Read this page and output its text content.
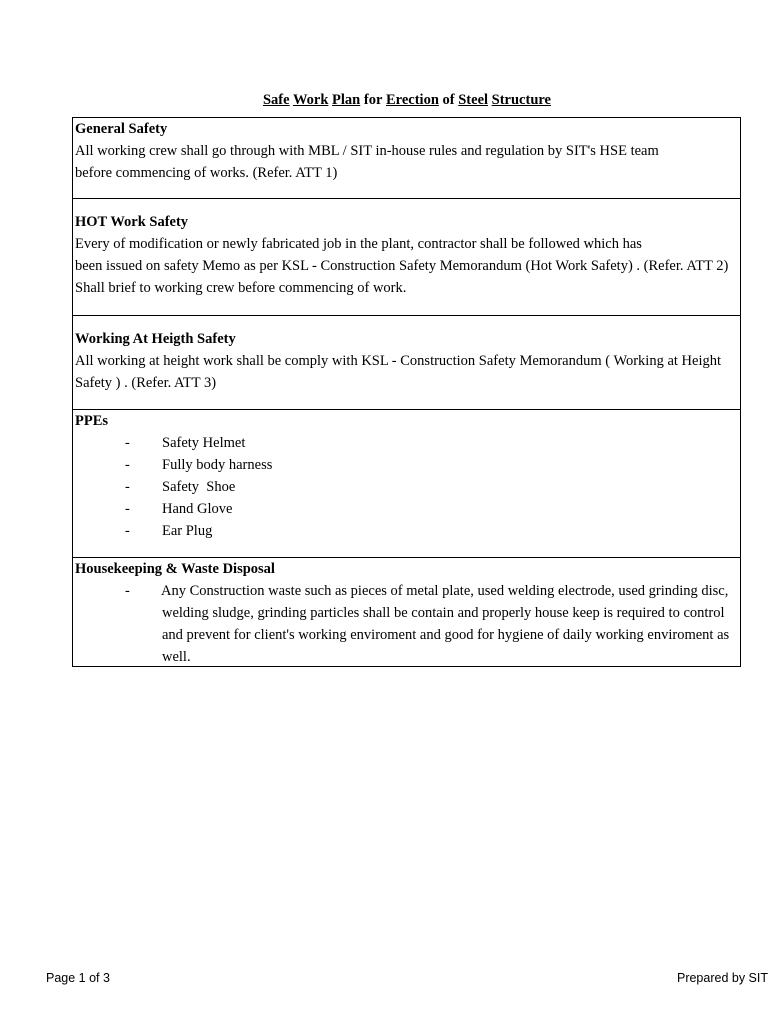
Safe Work Plan for Erection of Steel Structure
General Safety
All working crew shall go through with MBL / SIT in-house rules and regulation by SIT's HSE team
before commencing of works. (Refer. ATT 1)
HOT Work Safety
Every of modification or newly fabricated job in the plant, contractor shall be followed which has
been issued on safety Memo as per KSL - Construction Safety Memorandum (Hot Work Safety) . (Refer. ATT 2)
Shall brief to working crew before commencing of work.
Working At Heigth Safety
All working at height work shall be comply with KSL - Construction Safety Memorandum ( Working at Height
Safety ) . (Refer. ATT 3)
PPEs
- Safety Helmet
- Fully body harness
- Safety  Shoe
- Hand Glove
- Ear Plug
Housekeeping & Waste Disposal
- Any Construction waste such as pieces of metal plate, used welding electrode, used grinding disc,
welding sludge, grinding particles shall be contain and properly house keep is required to control
and prevent for client's working enviroment and good for hygiene of daily working enviroment as
well.
Page 1 of 3	Prepared by SIT
